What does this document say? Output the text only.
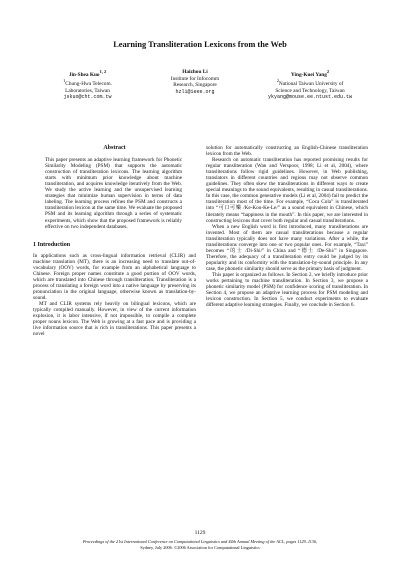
Learning Transliteration Lexicons from the Web
Jin-Shea Kuo$^{1, 2}$
$^1$Chung-Hwa Telecom.
Laboratories, Taiwan
jskuo@cht.com.tw
Haizhou Li
Institute for Infocomm
Research, Singapore
hzli@ieee.org
Ying-Kuei Yang$^2$
$^2$National Taiwan University of
Science and Technology, Taiwan
ykyang@mouse.ee.ntust.edu.tw
Abstract

This paper presents an adaptive learning framework for Phonetic Similarity Modeling (PSM) that supports the automatic construction of transliteration lexicons. The learning algorithm starts with minimum prior knowledge about machine transliteration, and acquires knowledge iteratively from the Web. We study the active learning and the unsupervised learning strategies that minimize human supervision in terms of data labeling. The learning process refines the PSM and constructs a transliteration lexicon at the same time. We evaluate the proposed PSM and its learning algorithm through a series of systematic experiments, which show that the proposed framework is reliably effective on two independent databases.

1 Introduction

In applications such as cross-lingual information retrieval (CLIR) and machine translation (MT), there is an increasing need to translate out-of-vocabulary (OOV) words, for example from an alphabetical language to Chinese. Foreign proper names constitute a good portion of OOV words, which are translated into Chinese through transliteration. Transliteration is a process of translating a foreign word into a native language by preserving its pronunciation in the original language, otherwise known as translation-by-sound.

MT and CLIR systems rely heavily on bilingual lexicons, which are typically compiled manually. However, in view of the current information explosion, it is labor intensive, if not impossible, to compile a complete proper nouns lexicon. The Web is growing at a fast pace and is providing a live information source that is rich in transliterations. This paper presents a novel

solution for automatically constructing an English-Chinese transliteration lexicon from the Web.

Research on automatic transliteration has reported promising results for regular transliteration (Wan and Verspoor, 1998; Li et al, 2004), where transliterations follow rigid guidelines. However, in Web publishing, translators in different countries and regions may not observe common guidelines. They often skew the transliterations in different ways to create special meanings to the sound equivalents, resulting in casual transliterations. In this case, the common generative models (Li et al, 2004) fail to predict the transliteration most of the time. For example, “Coca Cola” is transliterated into “可口可樂 /Ke-Kou-Ke-Le/” as a sound equivalent in Chinese, which literately means “happiness in the mouth”. In this paper, we are interested in constructing lexicons that cover both regular and casual transliterations.

When a new English word is first introduced, many transliterations are invented. Most of them are casual transliterations because a regular transliteration typically does not have many variations. After a while, the transliterations converge into one or two popular ones. For example, “Taxi” becomes “的士 /Di-Shi/” in China and “德士 /De-Shi/” in Singapore. Therefore, the adequacy of a transliteration entry could be judged by its popularity and its conformity with the translation-by-sound principle. In any case, the phonetic similarity should serve as the primary basis of judgment.

This paper is organized as follows. In Section 2, we briefly introduce prior works pertaining to machine transliteration. In Section 3, we propose a phonetic similarity model (PSM) for confidence scoring of transliteration. In Section 4, we propose an adaptive learning process for PSM modeling and lexicon construction. In Section 5, we conduct experiments to evaluate different adaptive learning strategies. Finally, we conclude in Section 6.

1129
Proceedings of the 21st International Conference on Computational Linguistics and 44th Annual Meeting of the ACL, pages 1129–1136,
Sydney, July 2006. ©2006 Association for Computational Linguistics
